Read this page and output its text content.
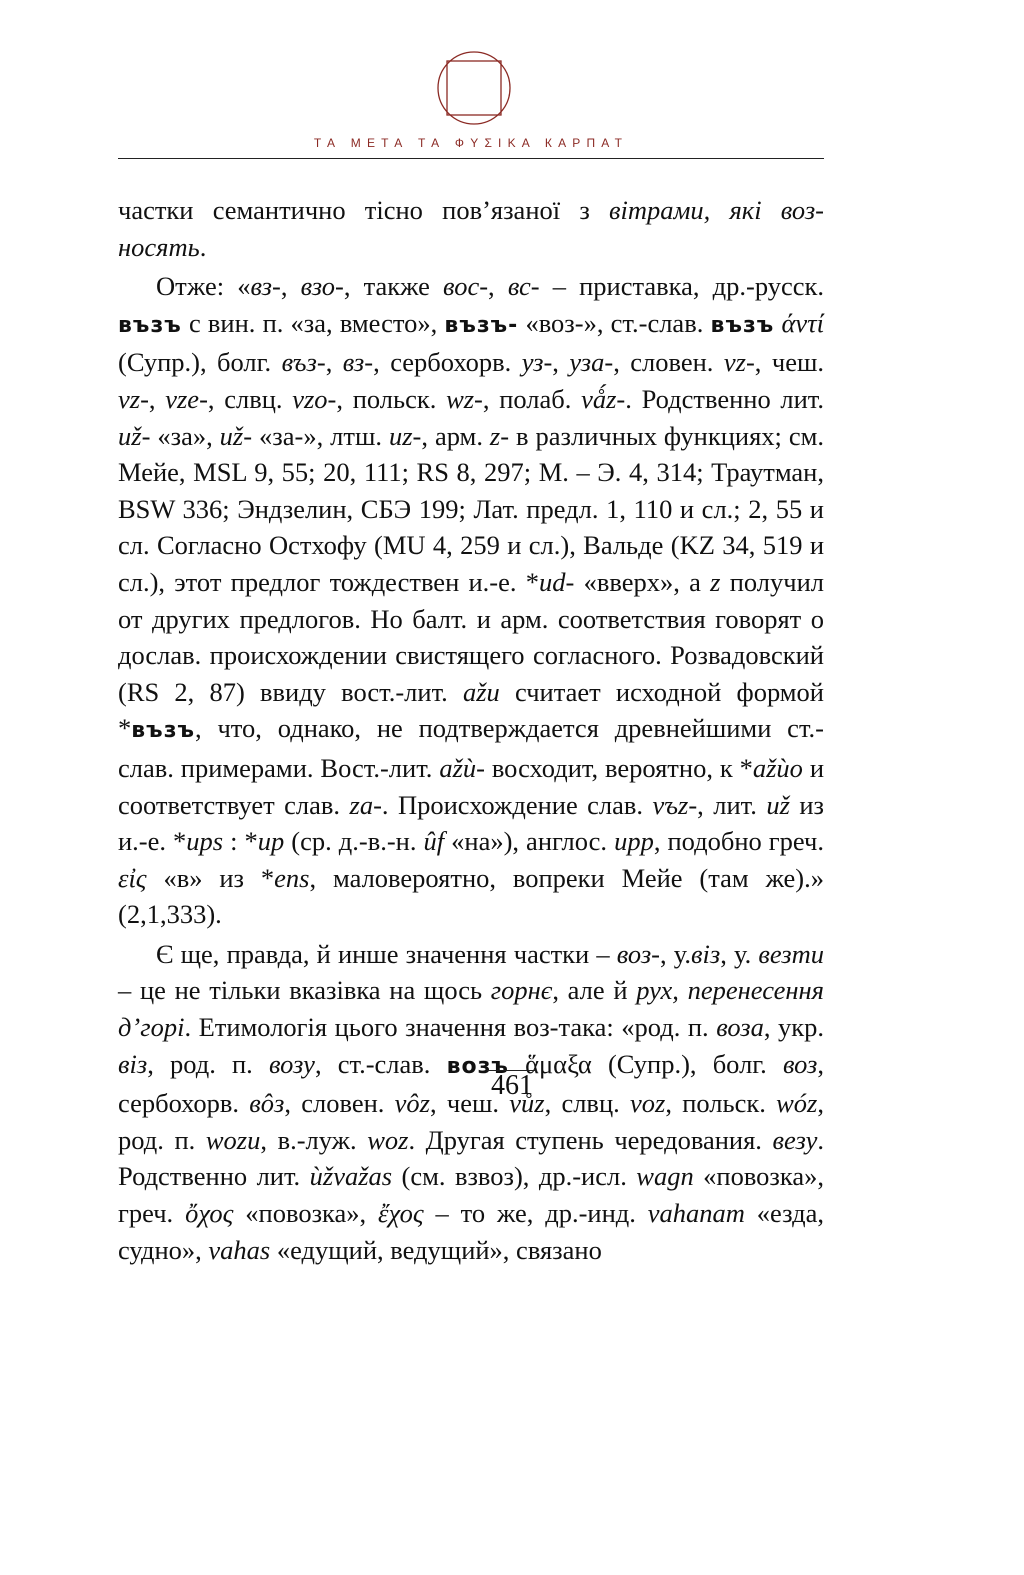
ТА МЕТА ТА ФΥΣΙΚΑ КАРПАТ

частки семантично тісно пов’язаної з вітрами, які воз-носять.

Отже: «вз-, взо-, также вос-, вс- – приставка, др.-русск. възъ с вин. п. «за, вместо», възъ- «воз-», ст.-слав. възъ άντί (Супр.), болг. въз-, вз-, сербохорв. уз-, уза-, словен. vz-, чеш. vz-, vze-, слвц. vzo-, польск. wz-, полаб. vǻz-. Родственно лит. už- «за», už- «за-», лтш. uz-, арм. z- в различных функциях; см. Мейе, MSL 9, 55; 20, 111; RS 8, 297; М. – Э. 4, 314; Траутман, BSW 336; Эндзелин, СБЭ 199; Лат. предл. 1, 110 и сл.; 2, 55 и сл. Согласно Остхофу (MU 4, 259 и сл.), Вальде (KZ 34, 519 и сл.), этот предлог тождествен и.-е. *ud- «вверх», а z получил от других предлогов. Но балт. и арм. соответствия говорят о дослав. происхождении свистящего согласного. Розвадовский (RS 2, 87) ввиду вост.-лит. ažu считает исходной формой *възъ, что, однако, не подтверждается древнейшими ст.-слав. примерами. Вост.-лит. ažù- восходит, вероятно, к *ažùo и соответствует слав. za-. Происхождение слав. vъz-, лит. už из и.-е. *ups : *up (ср. д.-в.-н. ûf «на»), англос. upp, подобно греч. εἰς «в» из *ens, маловероятно, вопреки Мейе (там же).» (2,1,333).

Є ще, правда, й инше значення частки – воз-, у.віз, у. везти – це не тільки вказівка на щось горнє, але й рух, перенесення д’горі. Етимологія цього значення воз-така: «род. п. воза, укр. віз, род. п. возу, ст.-слав. возъ ἅμαξα (Супр.), болг. воз, сербохорв. вôз, словен. vôz, чеш. vůz, слвц. voz, польск. wóz, род. п. wozu, в.-луж. woz. Другая ступень чередования. везу. Родственно лит. ùžvažas (см. взвоз), др.-исл. wagn «повозка», греч. ὄχος «повозка», ἔχος – то же, др.-инд. vahanam «езда, судно», vahas «едущий, ведущий», связано

461
